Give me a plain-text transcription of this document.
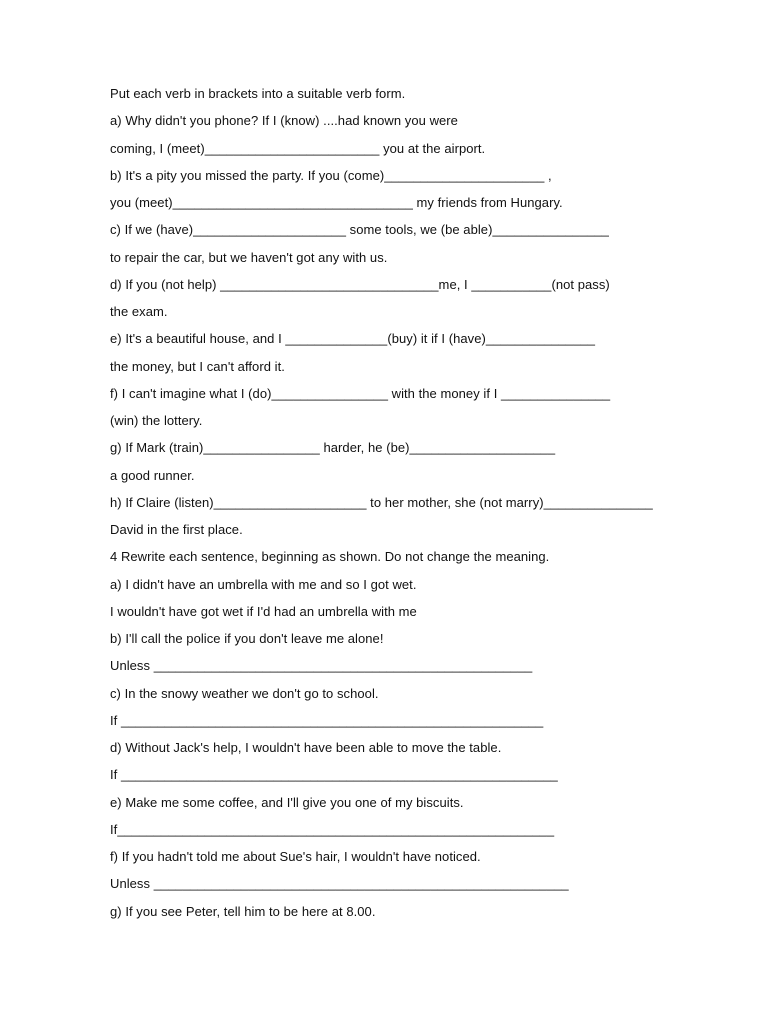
Put each verb in brackets into a suitable verb form.
a) Why didn't you phone? If I (know) ....had known you were
coming, I (meet)________________________ you at the airport.
b) It's a pity you missed the party. If you (come)______________________ ,
you (meet)_________________________________ my friends from Hungary.
c) If we (have)_____________________ some tools, we (be able)________________
to repair the car, but we haven't got any with us.
d) If you (not help) ______________________________me, I ___________(not pass)
the exam.
e) It's a beautiful house, and I ______________(buy) it if I (have)_______________
the money, but I can't afford it.
f) I can't imagine what I (do)________________ with the money if I _______________
(win) the lottery.
g) If Mark (train)________________ harder, he (be)____________________
a good runner.
h) If Claire (listen)_____________________ to her mother, she (not marry)_______________
David in the first place.
4 Rewrite each sentence, beginning as shown. Do not change the meaning.
a) I didn't have an umbrella with me and so I got wet.
I wouldn't have got wet if I'd had an umbrella with me
b) I'll call the police if you don't leave me alone!
Unless ____________________________________________________
c) In the snowy weather we don't go to school.
If __________________________________________________________
d) Without Jack's help, I wouldn't have been able to move the table.
If ____________________________________________________________
e) Make me some coffee, and I'll give you one of my biscuits.
If____________________________________________________________
f) If you hadn't told me about Sue's hair, I wouldn't have noticed.
Unless _________________________________________________________
g) If you see Peter, tell him to be here at 8.00.
